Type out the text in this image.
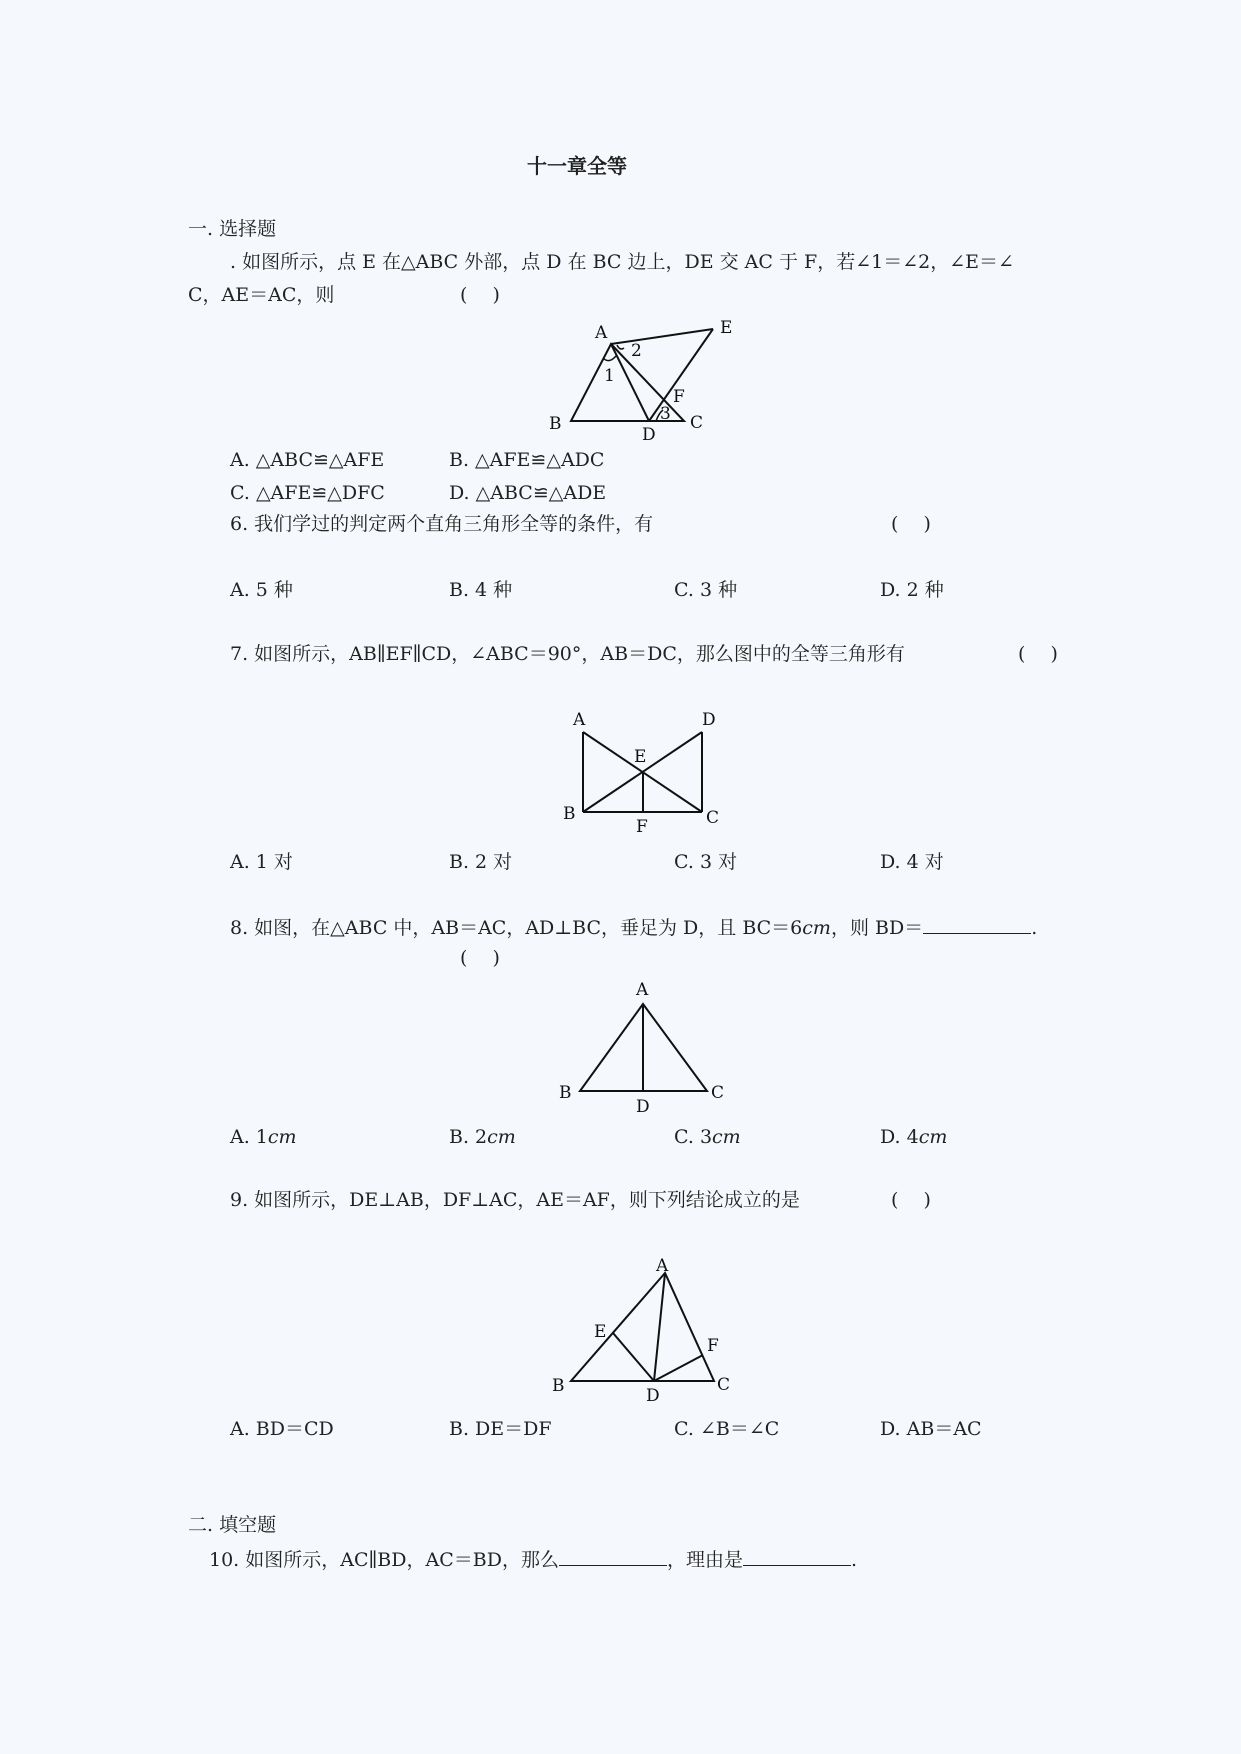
十一章全等
一. 选择题
. 如图所示，点 E 在△ABC 外部，点 D 在 BC 边上，DE 交 AC 于 F，若∠1＝∠2，∠E＝∠
C，AE＝AC，则	(　 )
A	E
2
1
F
B
D
3 C
A. △ABC≌△AFE	B. △AFE≌△ADC
C. △AFE≌△DFC	D. △ABC≌△ADE
6. 我们学过的判定两个直角三角形全等的条件，有	(　 )
A. 5 种	B. 4 种	C. 3 种	D. 2 种
7. 如图所示，AB∥EF∥CD，∠ABC＝90°，AB＝DC，那么图中的全等三角形有	(　 )
A	D
E
B	C
F
A. 1 对	B. 2 对	C. 3 对	D. 4 对
8. 如图，在△ABC 中，AB＝AC，AD⊥BC，垂足为 D，且 BC＝6cm，则 BD＝	.
(　 )
A
B	C
D
A. 1cm	B. 2cm	C. 3cm	D. 4cm
9. 如图所示，DE⊥AB，DF⊥AC，AE＝AF，则下列结论成立的是	(　 )
A
E
F
B	D
C
A. BD＝CD	B. DE＝DF	C. ∠B＝∠C	D. AB＝AC
二. 填空题
10. 如图所示，AC∥BD，AC＝BD，那么	，理由是	.
